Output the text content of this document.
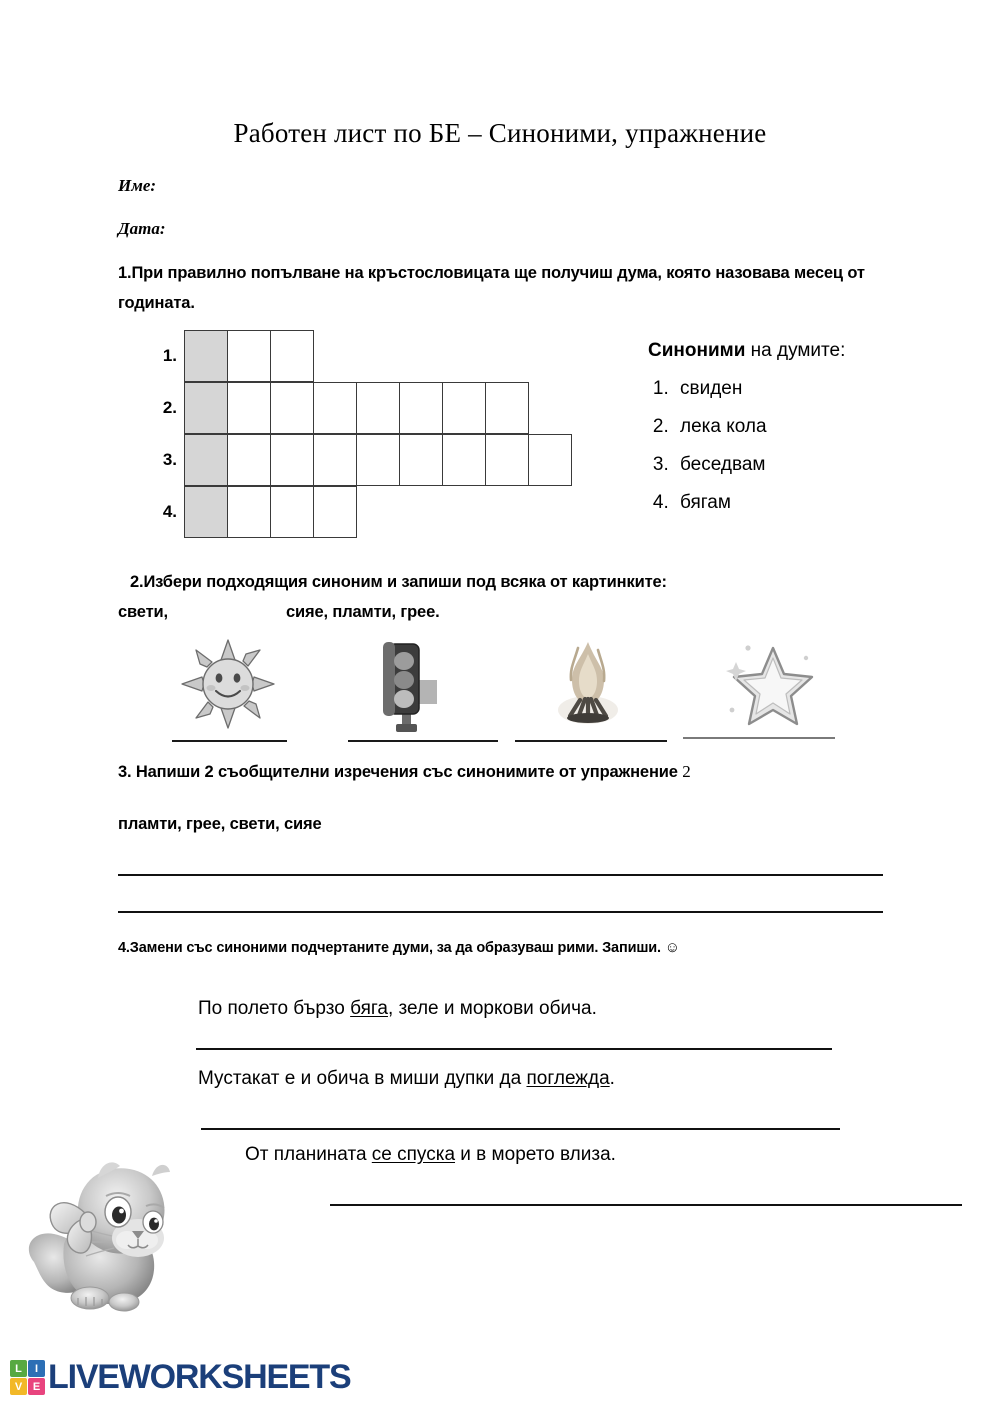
Работен лист по БЕ – Синоними, упражнение
Име:
Дата:
1.При правилно попълване на кръстословицата ще получиш дума, която назовава месец от годината.
1.
2.
3.
4.
Синоними на думите:
1. свиден
2. лека кола
3. беседвам
4. бягам
2.Избери подходящия синоним и запиши под всяка от картинките:
свети,	сияе, пламти, грее.
3. Напиши 2 съобщителни изречения със синонимите от упражнение 2
пламти, грее, свети, сияе
4.Замени със синоними подчертаните думи, за да образуваш рими. Запиши. ☺
По полето бързо бяга, зеле и моркови обича.
Мустакат е и обича в миши дупки да поглежда.
От планината се спуска и в морето влиза.
L	I
V E LIVEWORKSHEETS
